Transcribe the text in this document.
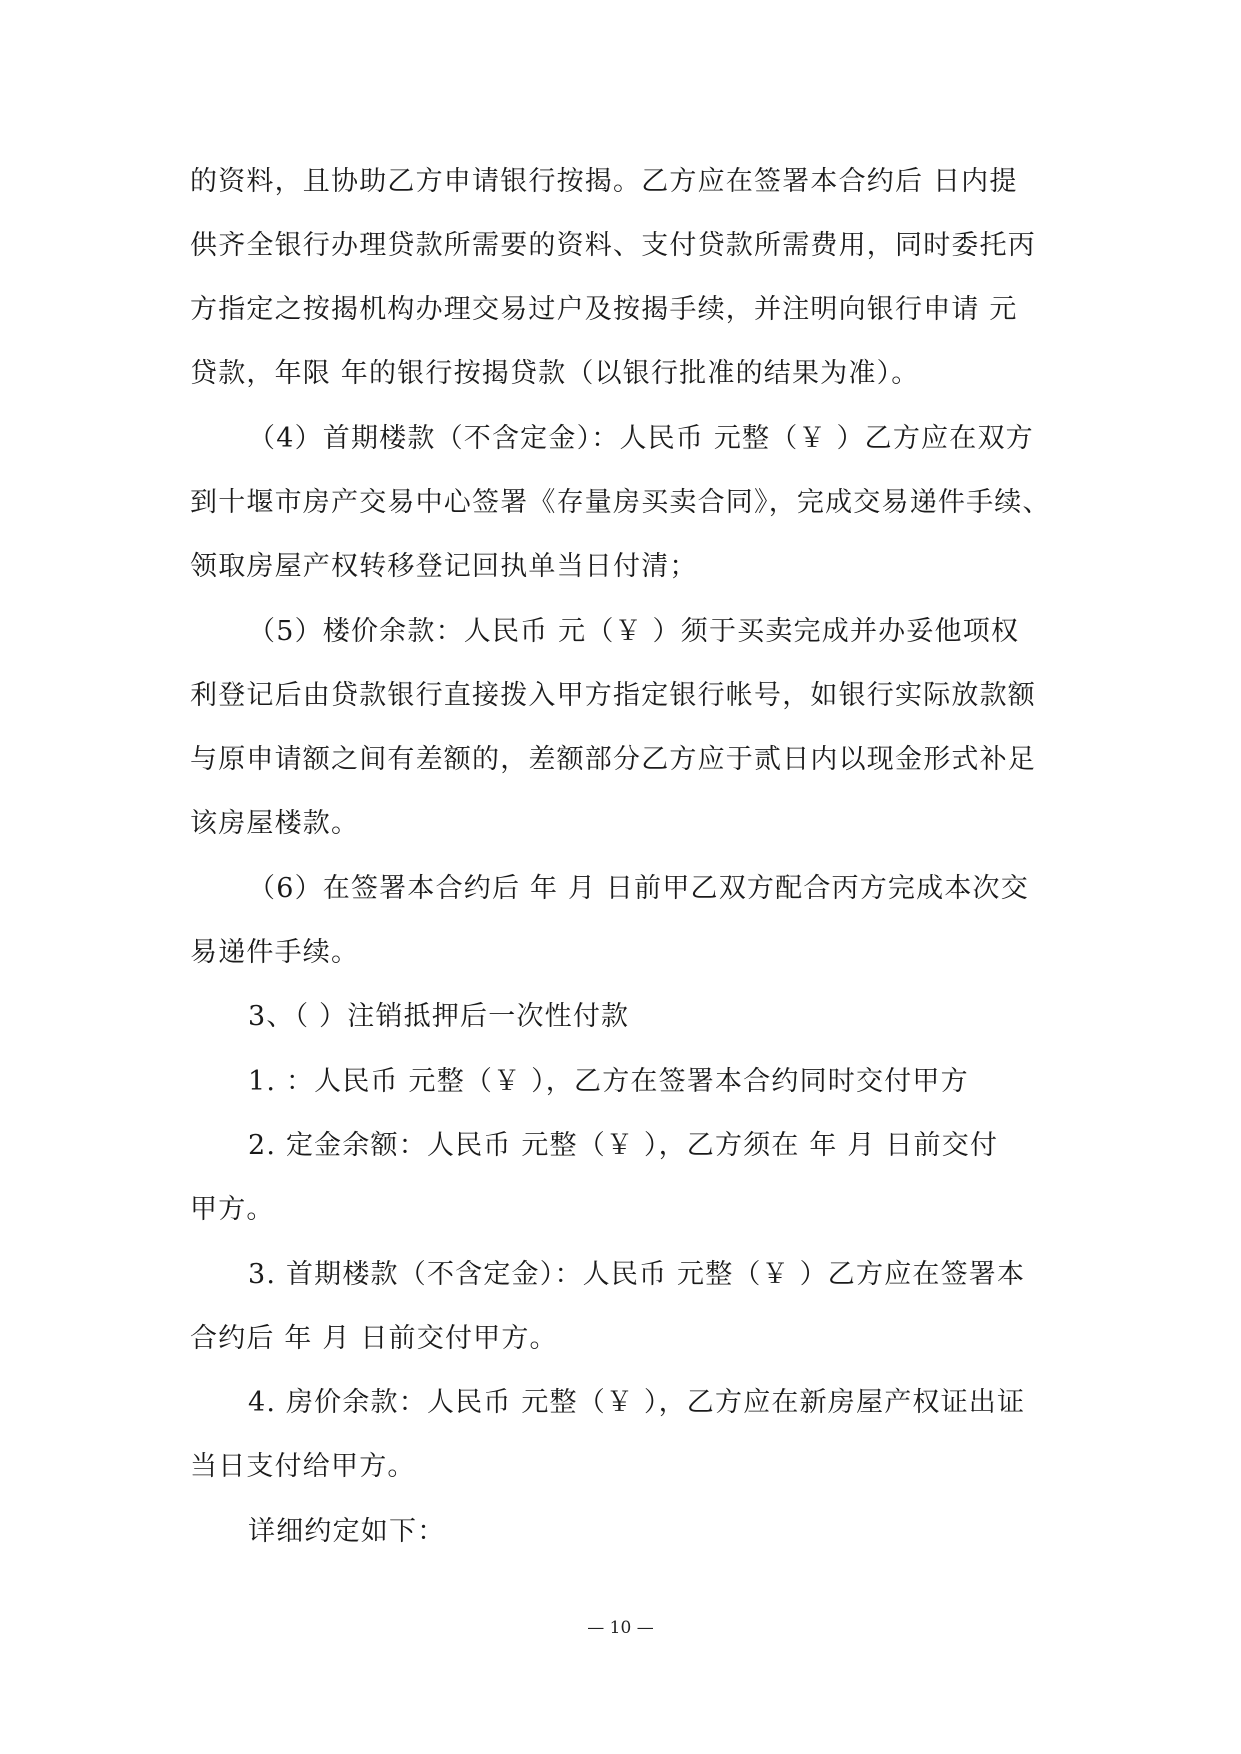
的资料，且协助乙方申请银行按揭。乙方应在签署本合约后 日内提
供齐全银行办理贷款所需要的资料、支付贷款所需费用，同时委托丙
方指定之按揭机构办理交易过户及按揭手续，并注明向银行申请 元
贷款，年限 年的银行按揭贷款（以银行批准的结果为准）。
（4）首期楼款（不含定金）：人民币 元整（￥ ）乙方应在双方
到十堰市房产交易中心签署《存量房买卖合同》，完成交易递件手续、
领取房屋产权转移登记回执单当日付清；
（5）楼价余款：人民币 元（￥ ）须于买卖完成并办妥他项权
利登记后由贷款银行直接拨入甲方指定银行帐号，如银行实际放款额
与原申请额之间有差额的，差额部分乙方应于贰日内以现金形式补足
该房屋楼款。
（6）在签署本合约后 年 月 日前甲乙双方配合丙方完成本次交
易递件手续。
3、（ ）注销抵押后一次性付款
1. ：人民币 元整（￥ ），乙方在签署本合约同时交付甲方
2. 定金余额：人民币 元整（￥ ），乙方须在 年 月 日前交付
甲方。
3. 首期楼款（不含定金）：人民币 元整（￥ ）乙方应在签署本
合约后 年 月 日前交付甲方。
4. 房价余款：人民币 元整（￥ ），乙方应在新房屋产权证出证
当日支付给甲方。
详细约定如下：
— 10 —
